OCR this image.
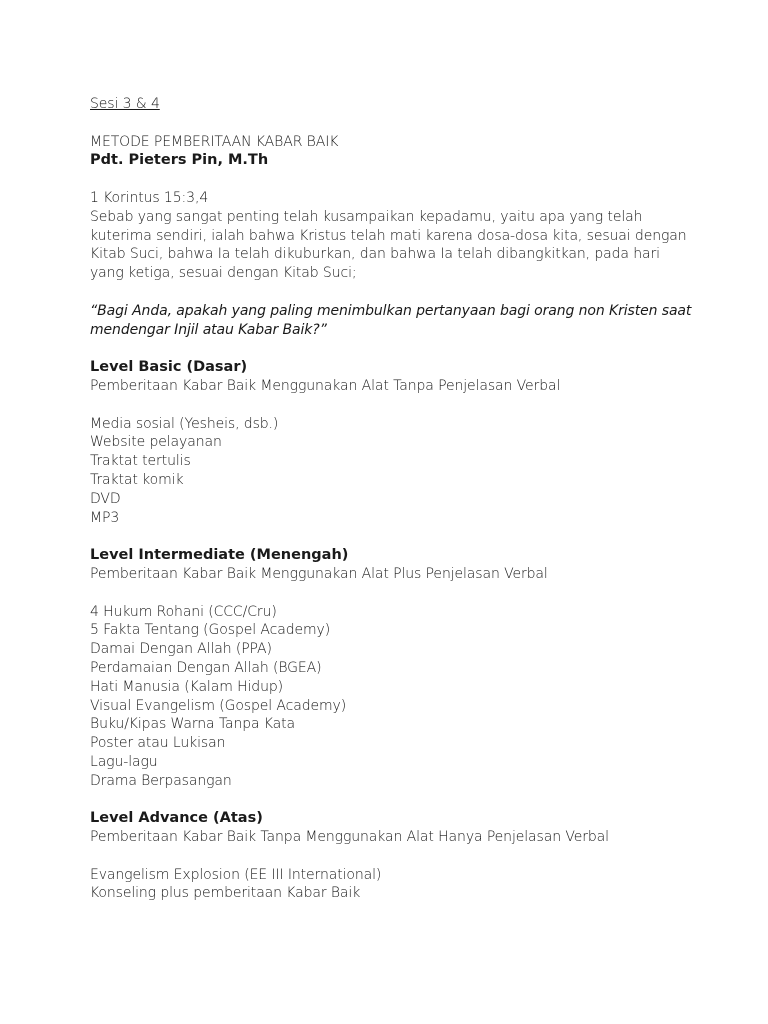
Sesi 3 & 4
METODE PEMBERITAAN KABAR BAIK
Pdt. Pieters Pin, M.Th
1 Korintus 15:3,4
Sebab yang sangat penting telah kusampaikan kepadamu, yaitu apa yang telah
kuterima sendiri, ialah bahwa Kristus telah mati karena dosa-dosa kita, sesuai dengan
Kitab Suci, bahwa Ia telah dikuburkan, dan bahwa Ia telah dibangkitkan, pada hari
yang ketiga, sesuai dengan Kitab Suci;
“Bagi Anda, apakah yang paling menimbulkan pertanyaan bagi orang non Kristen saat
mendengar Injil atau Kabar Baik?”
Level Basic (Dasar)
Pemberitaan Kabar Baik Menggunakan Alat Tanpa Penjelasan Verbal
Media sosial (Yesheis, dsb.)
Website pelayanan
Traktat tertulis
Traktat komik
DVD
MP3
Level Intermediate (Menengah)
Pemberitaan Kabar Baik Menggunakan Alat Plus Penjelasan Verbal
4 Hukum Rohani (CCC/Cru)
5 Fakta Tentang (Gospel Academy)
Damai Dengan Allah (PPA)
Perdamaian Dengan Allah (BGEA)
Hati Manusia (Kalam Hidup)
Visual Evangelism (Gospel Academy)
Buku/Kipas Warna Tanpa Kata
Poster atau Lukisan
Lagu-lagu
Drama Berpasangan
Level Advance (Atas)
Pemberitaan Kabar Baik Tanpa Menggunakan Alat Hanya Penjelasan Verbal
Evangelism Explosion (EE III International)
Konseling plus pemberitaan Kabar Baik
